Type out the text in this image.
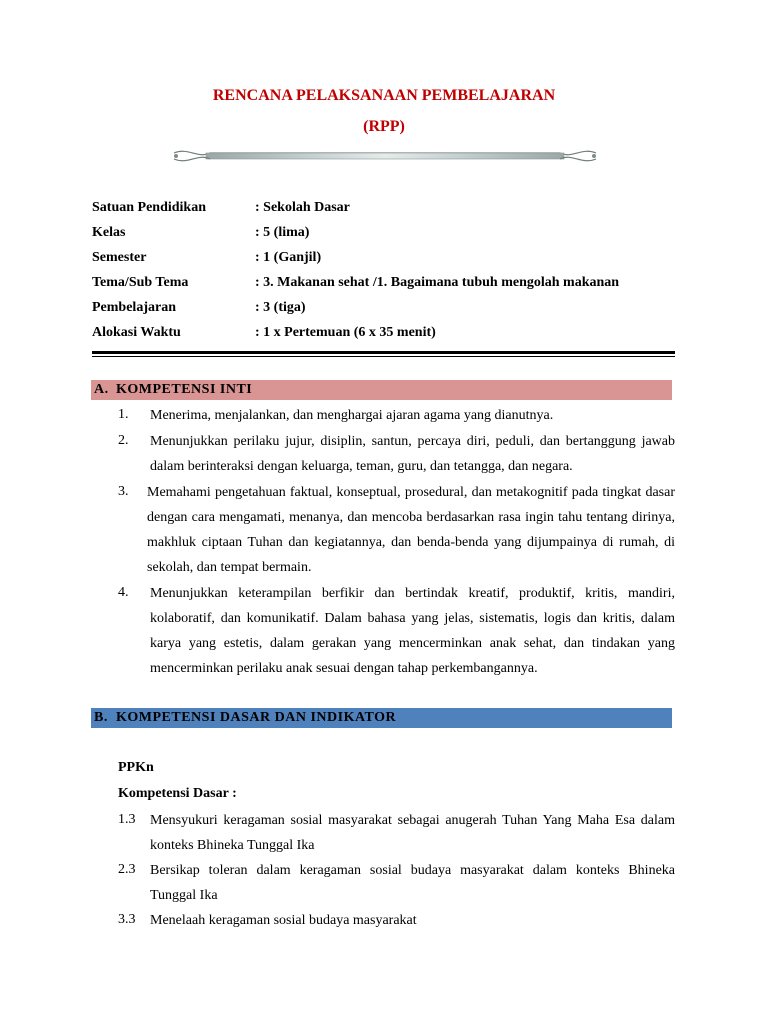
RENCANA PELAKSANAAN PEMBELAJARAN
(RPP)
Satuan Pendidikan	: Sekolah Dasar
Kelas	: 5 (lima)
Semester	: 1 (Ganjil)
Tema/Sub Tema	: 3. Makanan sehat /1. Bagaimana tubuh mengolah makanan
Pembelajaran	: 3 (tiga)
Alokasi Waktu	: 1 x Pertemuan (6 x 35 menit)
A. KOMPETENSI INTI
1. Menerima, menjalankan, dan menghargai ajaran agama yang dianutnya.
2. Menunjukkan perilaku jujur, disiplin, santun, percaya diri, peduli, dan bertanggung jawab dalam berinteraksi dengan keluarga, teman, guru, dan tetangga, dan negara.
3. Memahami pengetahuan faktual, konseptual, prosedural, dan metakognitif pada tingkat dasar dengan cara mengamati, menanya, dan mencoba berdasarkan rasa ingin tahu tentang dirinya, makhluk ciptaan Tuhan dan kegiatannya, dan benda-benda yang dijumpainya di rumah, di sekolah, dan tempat bermain.
4. Menunjukkan keterampilan berfikir dan bertindak kreatif, produktif, kritis, mandiri, kolaboratif, dan komunikatif. Dalam bahasa yang jelas, sistematis, logis dan kritis, dalam karya yang estetis, dalam gerakan yang mencerminkan anak sehat, dan tindakan yang mencerminkan perilaku anak sesuai dengan tahap perkembangannya.
B. KOMPETENSI DASAR DAN INDIKATOR
PPKn
Kompetensi Dasar :
1.3 Mensyukuri keragaman sosial masyarakat sebagai anugerah Tuhan Yang Maha Esa dalam konteks Bhineka Tunggal Ika
2.3 Bersikap toleran dalam keragaman sosial budaya masyarakat dalam konteks Bhineka Tunggal Ika
3.3 Menelaah keragaman sosial budaya masyarakat
